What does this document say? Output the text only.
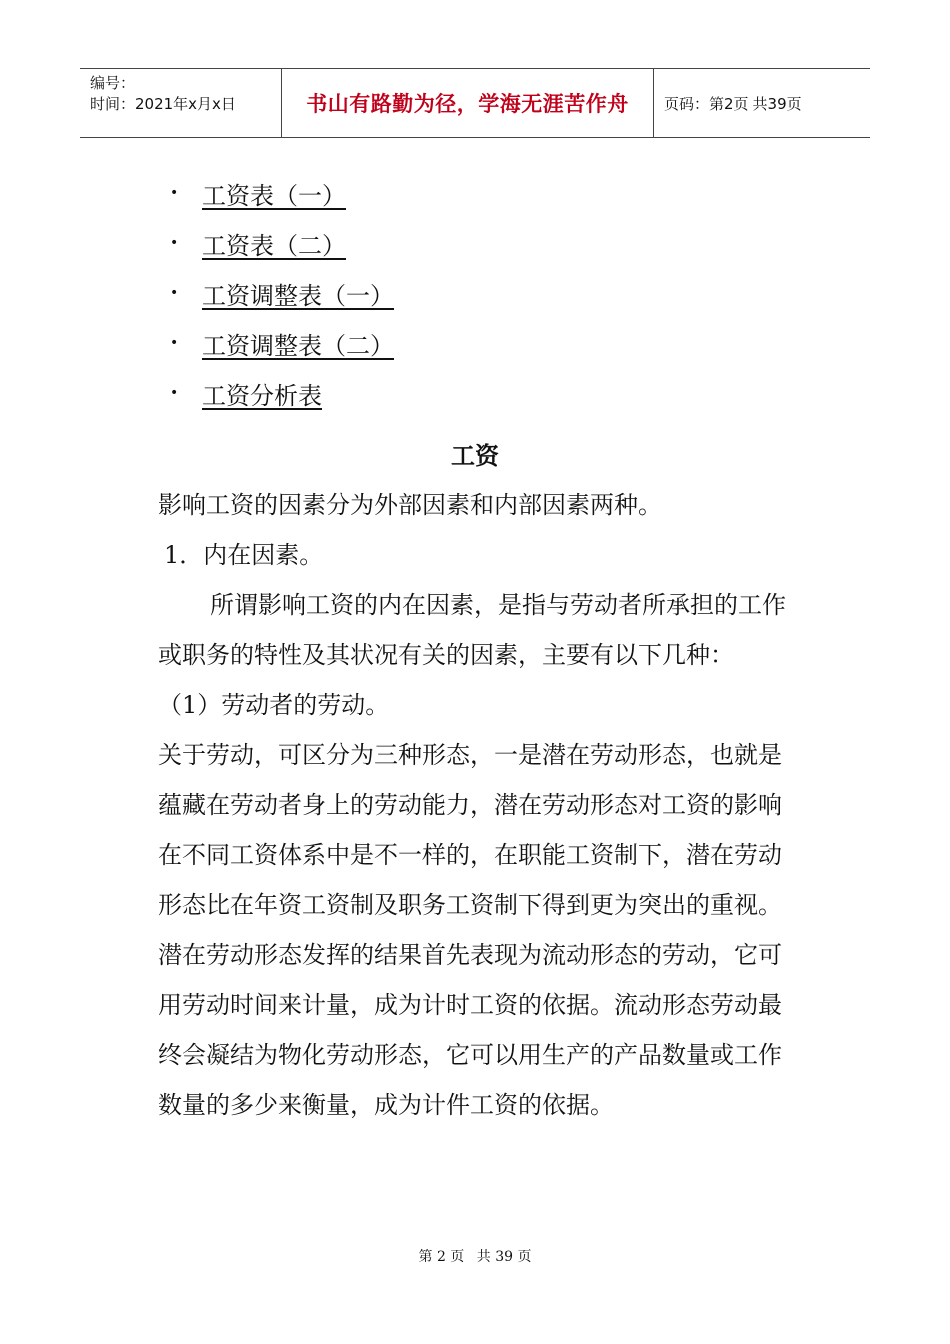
编号：
时间：2021年x月x日	书山有路勤为径，学海无涯苦作舟	页码：第2页 共39页
• 工资表（一）
• 工资表（二）
• 工资调整表（一）
• 工资调整表（二）
• 工资分析表
工资

影响工资的因素分为外部因素和内部因素两种。

1．内在因素。

所谓影响工资的内在因素，是指与劳动者所承担的工作或职务的特性及其状况有关的因素，主要有以下几种：

（1）劳动者的劳动。

关于劳动，可区分为三种形态，一是潜在劳动形态，也就是蕴藏在劳动者身上的劳动能力，潜在劳动形态对工资的影响在不同工资体系中是不一样的，在职能工资制下，潜在劳动形态比在年资工资制及职务工资制下得到更为突出的重视。潜在劳动形态发挥的结果首先表现为流动形态的劳动，它可用劳动时间来计量，成为计时工资的依据。流动形态劳动最终会凝结为物化劳动形态，它可以用生产的产品数量或工作数量的多少来衡量，成为计件工资的依据。

第 2 页 共 39 页
